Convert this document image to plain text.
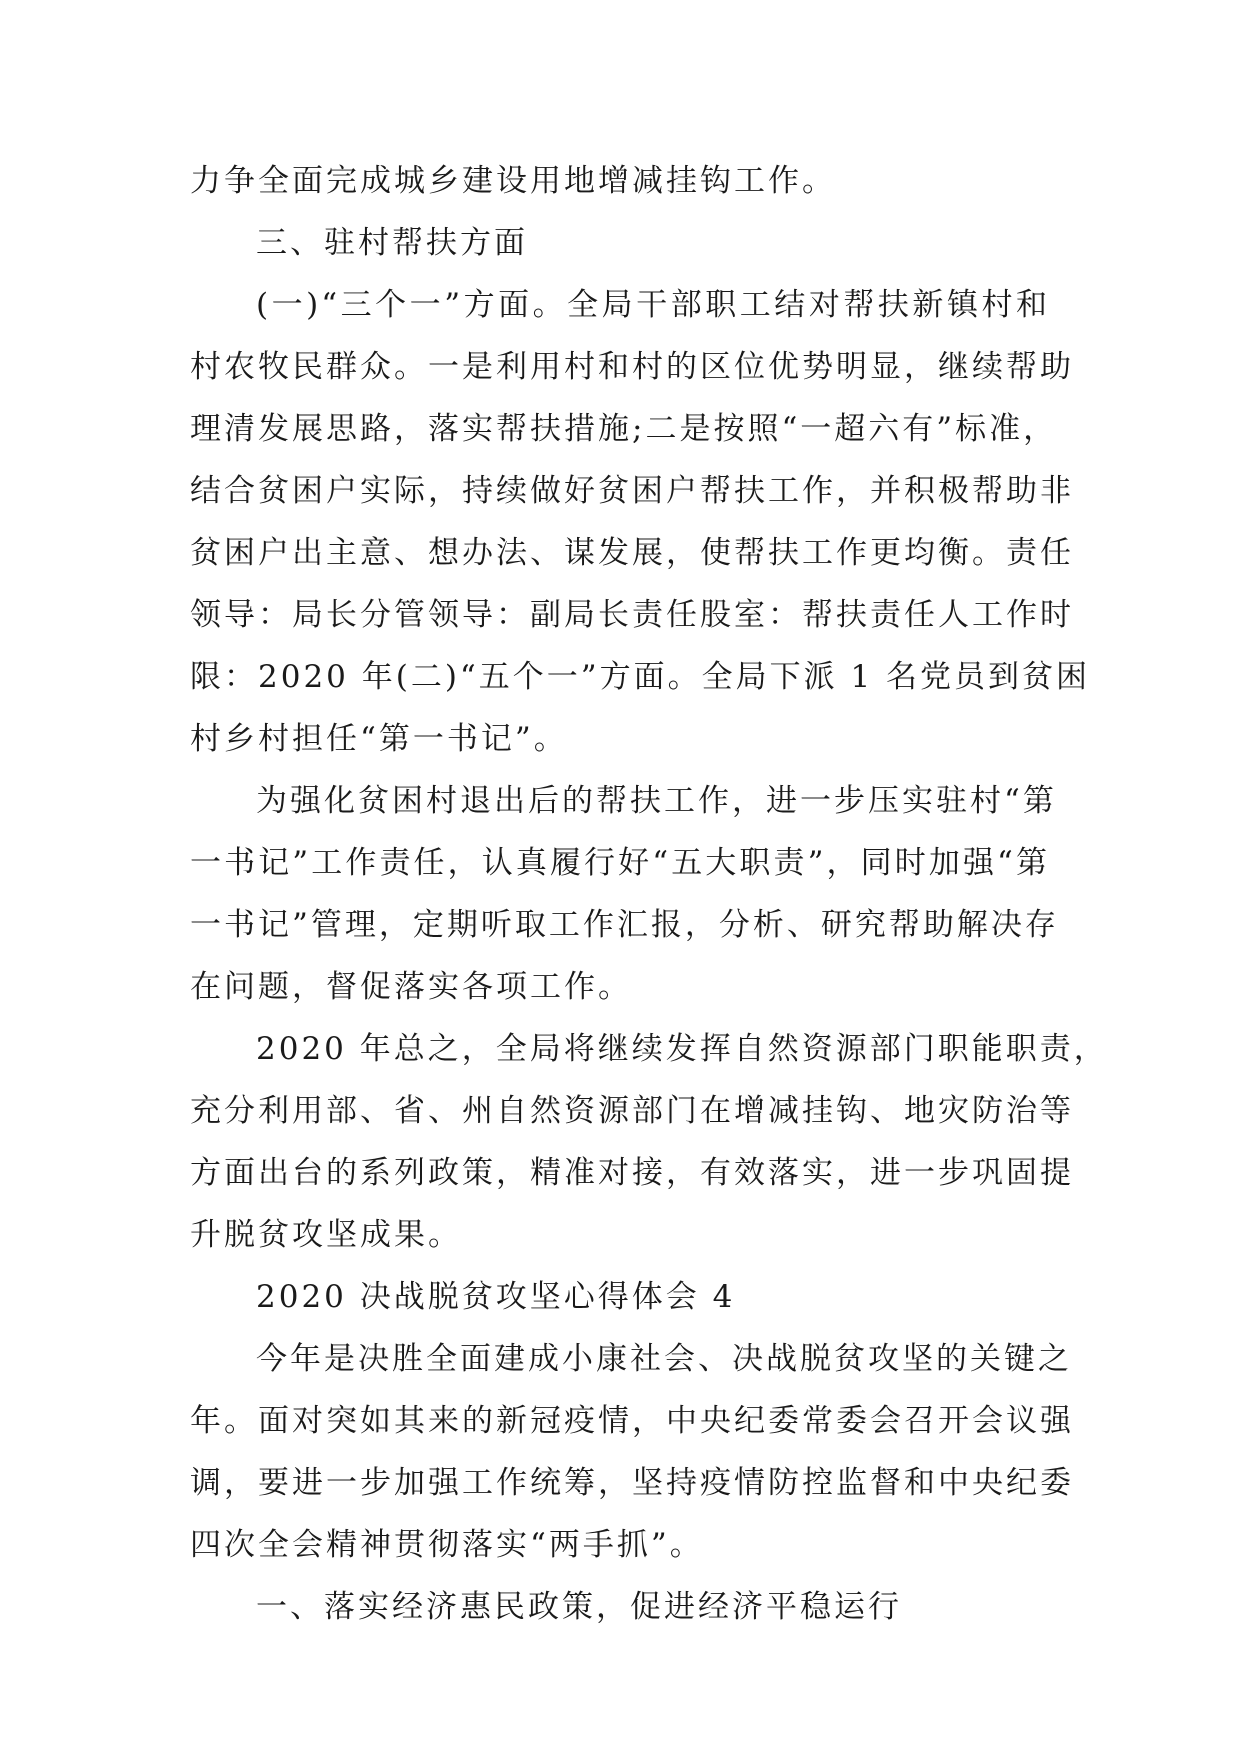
力争全面完成城乡建设用地增减挂钩工作。
三、驻村帮扶方面
(一)“三个一”方面。全局干部职工结对帮扶新镇村和
村农牧民群众。一是利用村和村的区位优势明显，继续帮助
理清发展思路，落实帮扶措施;二是按照“一超六有”标准，
结合贫困户实际，持续做好贫困户帮扶工作，并积极帮助非
贫困户出主意、想办法、谋发展，使帮扶工作更均衡。责任
领导：局长分管领导：副局长责任股室：帮扶责任人工作时
限：2020 年(二)“五个一”方面。全局下派 1 名党员到贫困
村乡村担任“第一书记”。
为强化贫困村退出后的帮扶工作，进一步压实驻村“第
一书记”工作责任，认真履行好“五大职责”，同时加强“第
一书记”管理，定期听取工作汇报，分析、研究帮助解决存
在问题，督促落实各项工作。
2020 年总之，全局将继续发挥自然资源部门职能职责，
充分利用部、省、州自然资源部门在增减挂钩、地灾防治等
方面出台的系列政策，精准对接，有效落实，进一步巩固提
升脱贫攻坚成果。
2020 决战脱贫攻坚心得体会 4
今年是决胜全面建成小康社会、决战脱贫攻坚的关键之
年。面对突如其来的新冠疫情，中央纪委常委会召开会议强
调，要进一步加强工作统筹，坚持疫情防控监督和中央纪委
四次全会精神贯彻落实“两手抓”。
一、落实经济惠民政策，促进经济平稳运行
